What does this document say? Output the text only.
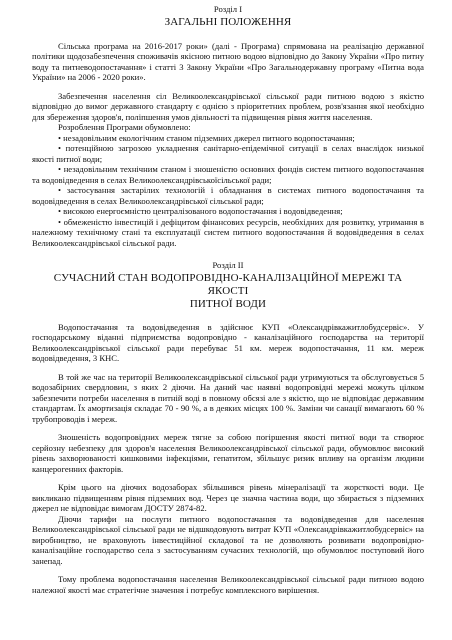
Розділ І
ЗАГАЛЬНІ ПОЛОЖЕННЯ

Сільська програма на 2016-2017 роки» (далі - Програма) спрямована на реалізацію державної політики щодозабезпечення споживачів якісною питною водою відповідно до Закону України «Про питну воду та питневодопостачання» і статті 3 Закону України «Про Загальнодержавну програму «Питна вода України» на 2006 - 2020 роки».

Забезпечення населення сіл Великоолександрівської сільської ради питною водою з якістю відповідно до вимог державного стандарту є однією з пріоритетних проблем, розв'язання якої необхідно для збереження здоров'я, поліпшення умов діяльності та підвищення рівня життя населення.

Розроблення Програми обумовлено:

• незадовільним екологічним станом підземних джерел питного водопостачання;

• потенційною загрозою укладнення санітарно-епідемічної ситуації в селах внаслідок низької якості питної води;

• незадовільним технічним станом і зношеністю основних фондів систем питного водопостачання та водовідведення в селах Великоолександрівськоїсільської ради;

• застосування застарілих технологій і обладнання в системах питного водопостачання та водовідведення в селах Великоолександрівської сільської ради;

• високою енергоємністю централізованого водопостачання і водовідведення;

• обмеженістю інвестицій і дефіцитом фінансових ресурсів, необхідних для розвитку, утримання в належному технічному стані та експлуатації систем питного водопостачання й водовідведення в селах Великоолександрівської сільської ради.

Розділ ІІ
СУЧАСНИЙ СТАН ВОДОПРОВІДНО-КАНАЛІЗАЦІЙНОЇ МЕРЕЖІ ТА ЯКОСТІ
ПИТНОЇ ВОДИ

Водопостачання та водовідведення в здійснює КУП «Олександрівкажитлобудсервіс». У господарському віданні підприємства водопровідно - каналізаційного господарства на території Великоолександрівської сільської ради перебуває 51 км. мереж водопостачання, 11 км. мереж водовідведення, 3 КНС.

В той же час на території Великоолександрівської сільської ради утримуються та обслуговується 5 водозабірних свердловин, з яких 2 діючи. На даний час наявні водопровідні мережі можуть цілком забезпечити потреби населення в питній воді в повному обсязі але з якістю, що не відповідає державним стандартам. Їх амортизація складає 70 - 90 %, а в деяких місцях 100 %. Заміни чи санації вимагають 60 % трубопроводів і мереж.

Зношеність водопровідних мереж тягне за собою погіршення якості питної води та створює серйозну небезпеку для здоров'я населення Великоолександрівської сільської ради, обумовлює високий рівень захворюваності кишковими інфекціями, гепатитом, збільшує ризик впливу на організм людини канцерогенних факторів.

Крім цього на діючих водозаборах збільшився рівень мінералізації та жорсткості води. Це викликано підвищенням рівня підземних вод. Через це значна частина води, що збирається з підземних джерел не відповідає вимогам ДОСТУ 2874-82.

Діючи тарифи на послуги питного водопостачання та водовідведення для населення Великоолександрівської сільської ради не відшкодовують витрат КУП «Олександрівкажитлобудсервіс» на виробництво, не враховують інвестиційної складової та не дозволяють розвивати водопровідно-каналізаційне господарство села з застосуванням сучасних технологій, що обумовлює поступовий його занепад.

Тому проблема водопостачання населення Великоолександрівської сільської ради питною водою належної якості має стратегічне значення і потребує комплексного вирішення.
